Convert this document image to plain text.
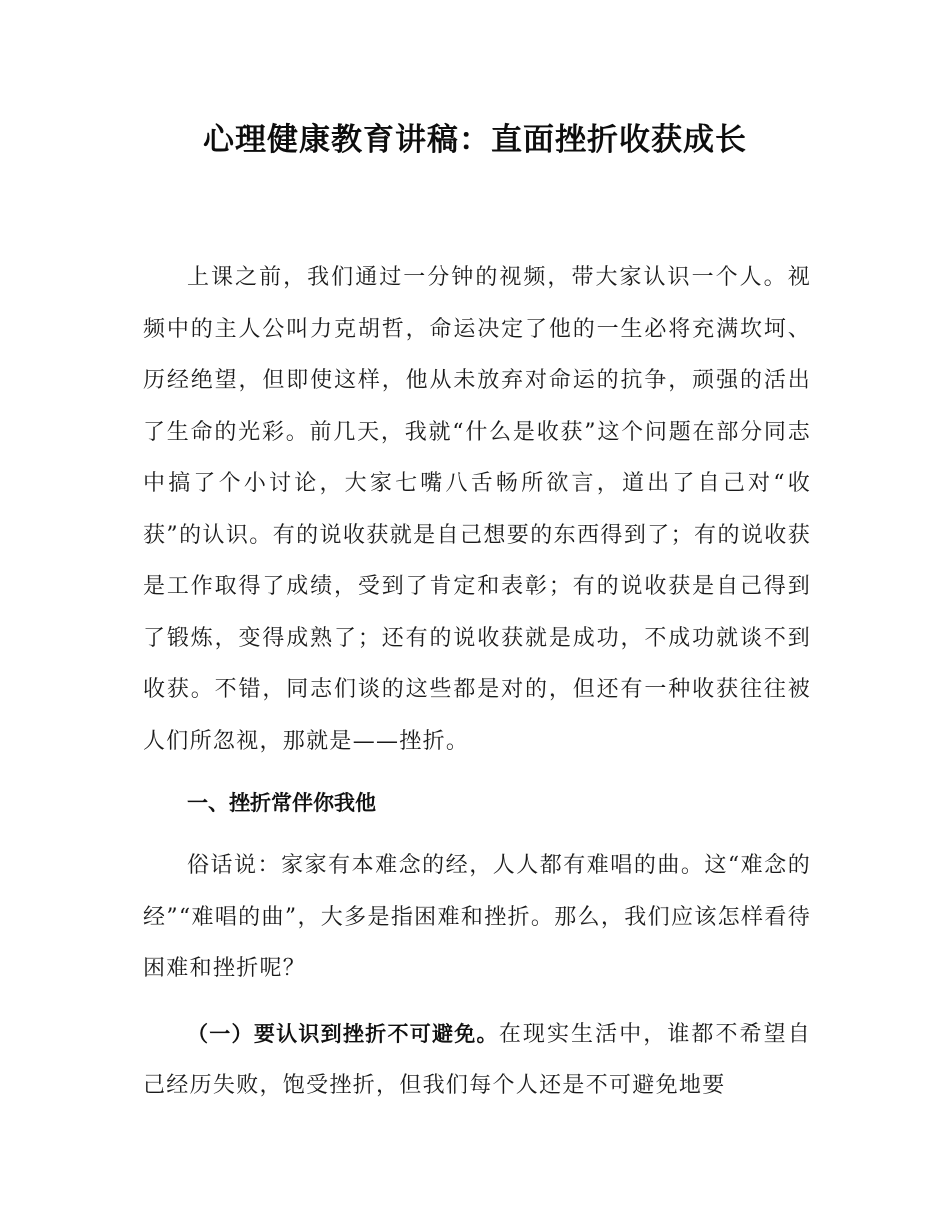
心理健康教育讲稿：直面挫折收获成长

上课之前，我们通过一分钟的视频，带大家认识一个人。视频中的主人公叫力克胡哲，命运决定了他的一生必将充满坎坷、历经绝望，但即使这样，他从未放弃对命运的抗争，顽强的活出了生命的光彩。前几天，我就“什么是收获”这个问题在部分同志中搞了个小讨论，大家七嘴八舌畅所欲言，道出了自己对“收获”的认识。有的说收获就是自己想要的东西得到了；有的说收获是工作取得了成绩，受到了肯定和表彰；有的说收获是自己得到了锻炼，变得成熟了；还有的说收获就是成功，不成功就谈不到收获。不错，同志们谈的这些都是对的，但还有一种收获往往被人们所忽视，那就是——挫折。

一、挫折常伴你我他

俗话说：家家有本难念的经，人人都有难唱的曲。这“难念的经”“难唱的曲”，大多是指困难和挫折。那么，我们应该怎样看待困难和挫折呢？

（一）要认识到挫折不可避免。在现实生活中，谁都不希望自己经历失败，饱受挫折，但我们每个人还是不可避免地要
